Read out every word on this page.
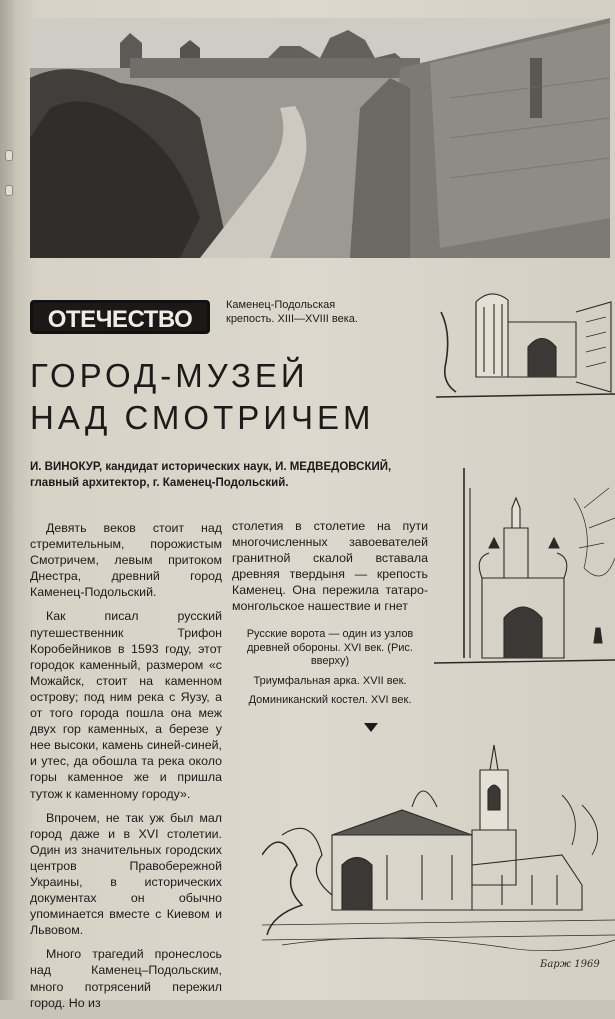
ОТЕЧЕСТВО
Каменец-Подольская крепость. XIII—XVIII века.
ГОРОД-МУЗЕЙ
НАД СМОТРИЧЕМ
И. ВИНОКУР, кандидат исторических наук, И. МЕДВЕДОВСКИЙ, главный архитектор, г. Каменец-Подольский.

Девять веков стоит над стремительным, порожистым Смотричем, левым притоком Днестра, древний город Каменец-Подольский.

Как писал русский путешественник Трифон Коробейников в 1593 году, этот городок каменный, размером «с Можайск, стоит на каменном острову; под ним река с Яузу, а от того города пошла она меж двух гор каменных, а березе у нее высоки, камень синей-синей, и утес, да обошла та река около горы каменное же и пришла тутож к каменному городу».

Впрочем, не так уж был мал город даже и в XVI столетии. Один из значительных городских центров Правобережной Украины, в исторических документах он обычно упоминается вместе с Киевом и Львовом.

Много трагедий пронеслось над Каменец–Подольским, много потрясений пережил город. Но из

столетия в столетие на пути многочисленных завоевателей гранитной скалой вставала древняя твердыня — крепость Каменец. Она пережила татаро-монгольское нашествие и гнет

Русские ворота — один из узлов древней обороны. XVI век. (Рис. вверху)
Триумфальная арка. XVII век.
Доминиканский костел. XVI век.
Барж 1969
